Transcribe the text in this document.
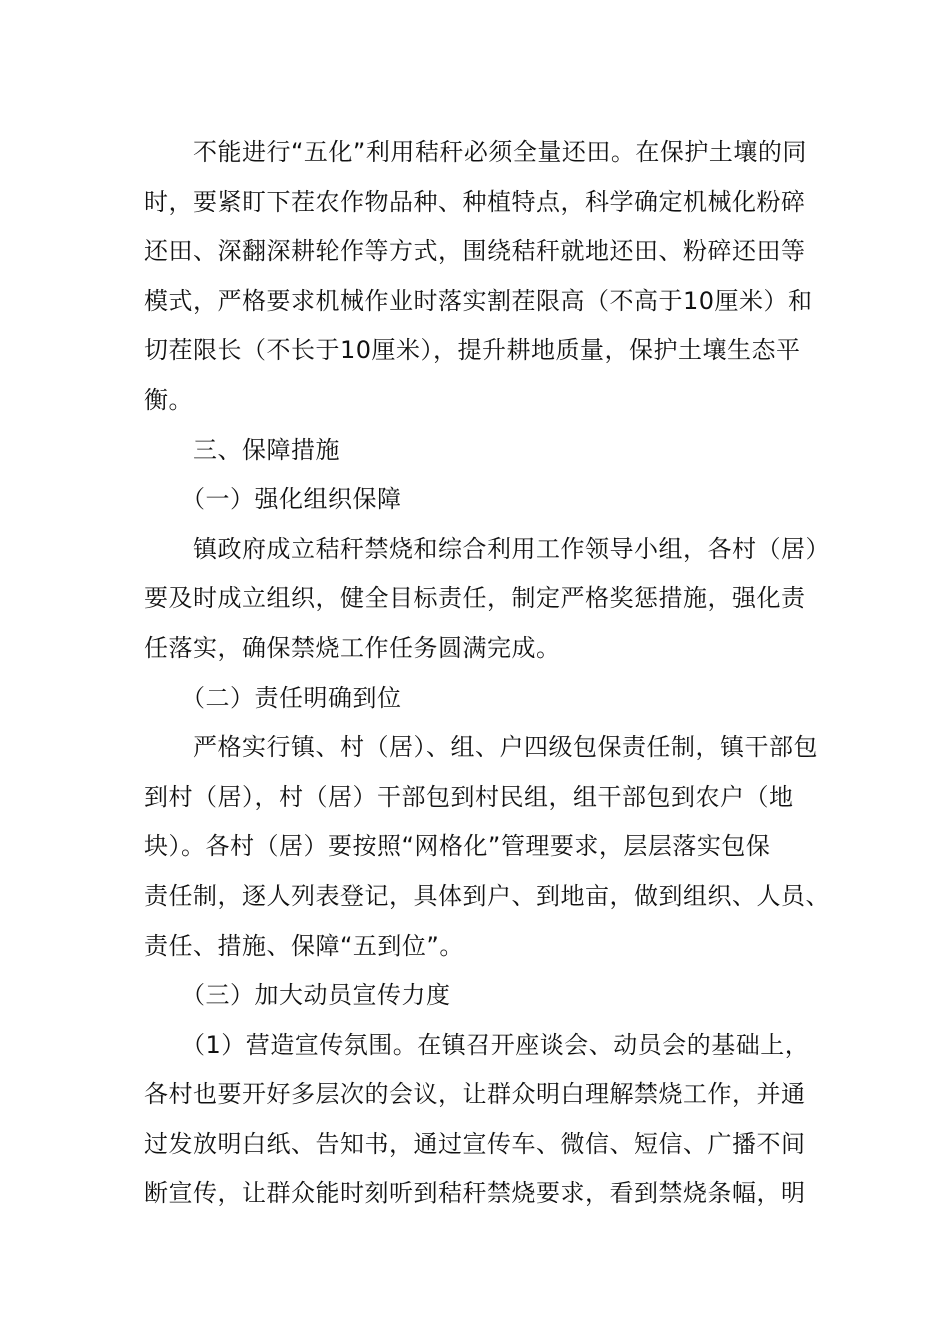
　　不能进行“五化”利用秸秆必须全量还田。在保护土壤的同
时，要紧盯下茬农作物品种、种植特点，科学确定机械化粉碎
还田、深翻深耕轮作等方式，围绕秸秆就地还田、粉碎还田等
模式，严格要求机械作业时落实割茬限高（不高于10厘米）和
切茬限长（不长于10厘米），提升耕地质量，保护土壤生态平
衡。
　　三、保障措施
　　（一）强化组织保障
　　镇政府成立秸秆禁烧和综合利用工作领导小组，各村（居）
要及时成立组织，健全目标责任，制定严格奖惩措施，强化责
任落实，确保禁烧工作任务圆满完成。
　　（二）责任明确到位
　　严格实行镇、村（居）、组、户四级包保责任制，镇干部包
到村（居），村（居）干部包到村民组，组干部包到农户（地
块）。各村（居）要按照“网格化”管理要求，层层落实包保
责任制，逐人列表登记，具体到户、到地亩，做到组织、人员、
责任、措施、保障“五到位”。
　　（三）加大动员宣传力度
　　（1）营造宣传氛围。在镇召开座谈会、动员会的基础上，
各村也要开好多层次的会议，让群众明白理解禁烧工作，并通
过发放明白纸、告知书，通过宣传车、微信、短信、广播不间
断宣传，让群众能时刻听到秸秆禁烧要求，看到禁烧条幅，明
